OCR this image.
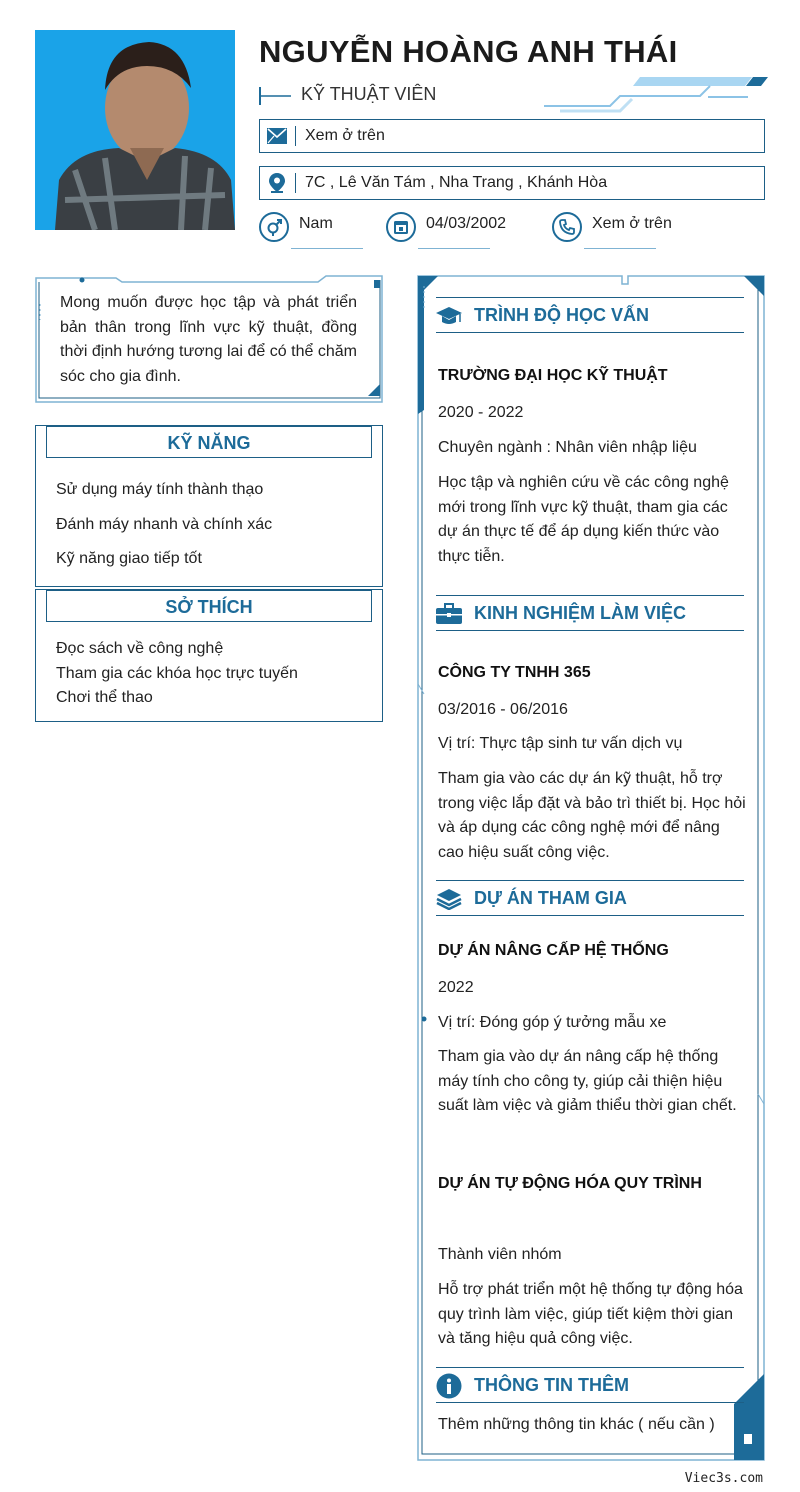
NGUYỄN HOÀNG ANH THÁI
KỸ THUẬT VIÊN
Xem ở trên
7C , Lê Văn Tám , Nha Trang , Khánh Hòa
Nam	04/03/2002	Xem ở trên
Mong muốn được học tập và phát triển bản thân trong lĩnh vực kỹ thuật, đồng thời định hướng tương lai để có thể chăm sóc cho gia đình.
KỸ NĂNG
Sử dụng máy tính thành thạo
Đánh máy nhanh và chính xác
Kỹ năng giao tiếp tốt
SỞ THÍCH
Đọc sách về công nghệ
Tham gia các khóa học trực tuyến
Chơi thể thao
TRÌNH ĐỘ HỌC VẤN
TRƯỜNG ĐẠI HỌC KỸ THUẬT
2020 - 2022
Chuyên ngành : Nhân viên nhập liệu
Học tập và nghiên cứu về các công nghệ mới trong lĩnh vực kỹ thuật, tham gia các dự án thực tế để áp dụng kiến thức vào thực tiễn.
KINH NGHIỆM LÀM VIỆC
CÔNG TY TNHH 365
03/2016 - 06/2016
Vị trí: Thực tập sinh tư vấn dịch vụ
Tham gia vào các dự án kỹ thuật, hỗ trợ trong việc lắp đặt và bảo trì thiết bị. Học hỏi và áp dụng các công nghệ mới để nâng cao hiệu suất công việc.
DỰ ÁN THAM GIA
DỰ ÁN NÂNG CẤP HỆ THỐNG
2022
Vị trí: Đóng góp ý tưởng mẫu xe
Tham gia vào dự án nâng cấp hệ thống máy tính cho công ty, giúp cải thiện hiệu suất làm việc và giảm thiểu thời gian chết.
DỰ ÁN TỰ ĐỘNG HÓA QUY TRÌNH
Thành viên nhóm
Hỗ trợ phát triển một hệ thống tự động hóa quy trình làm việc, giúp tiết kiệm thời gian và tăng hiệu quả công việc.
THÔNG TIN THÊM
Thêm những thông tin khác ( nếu cần )
Viec3s.com
